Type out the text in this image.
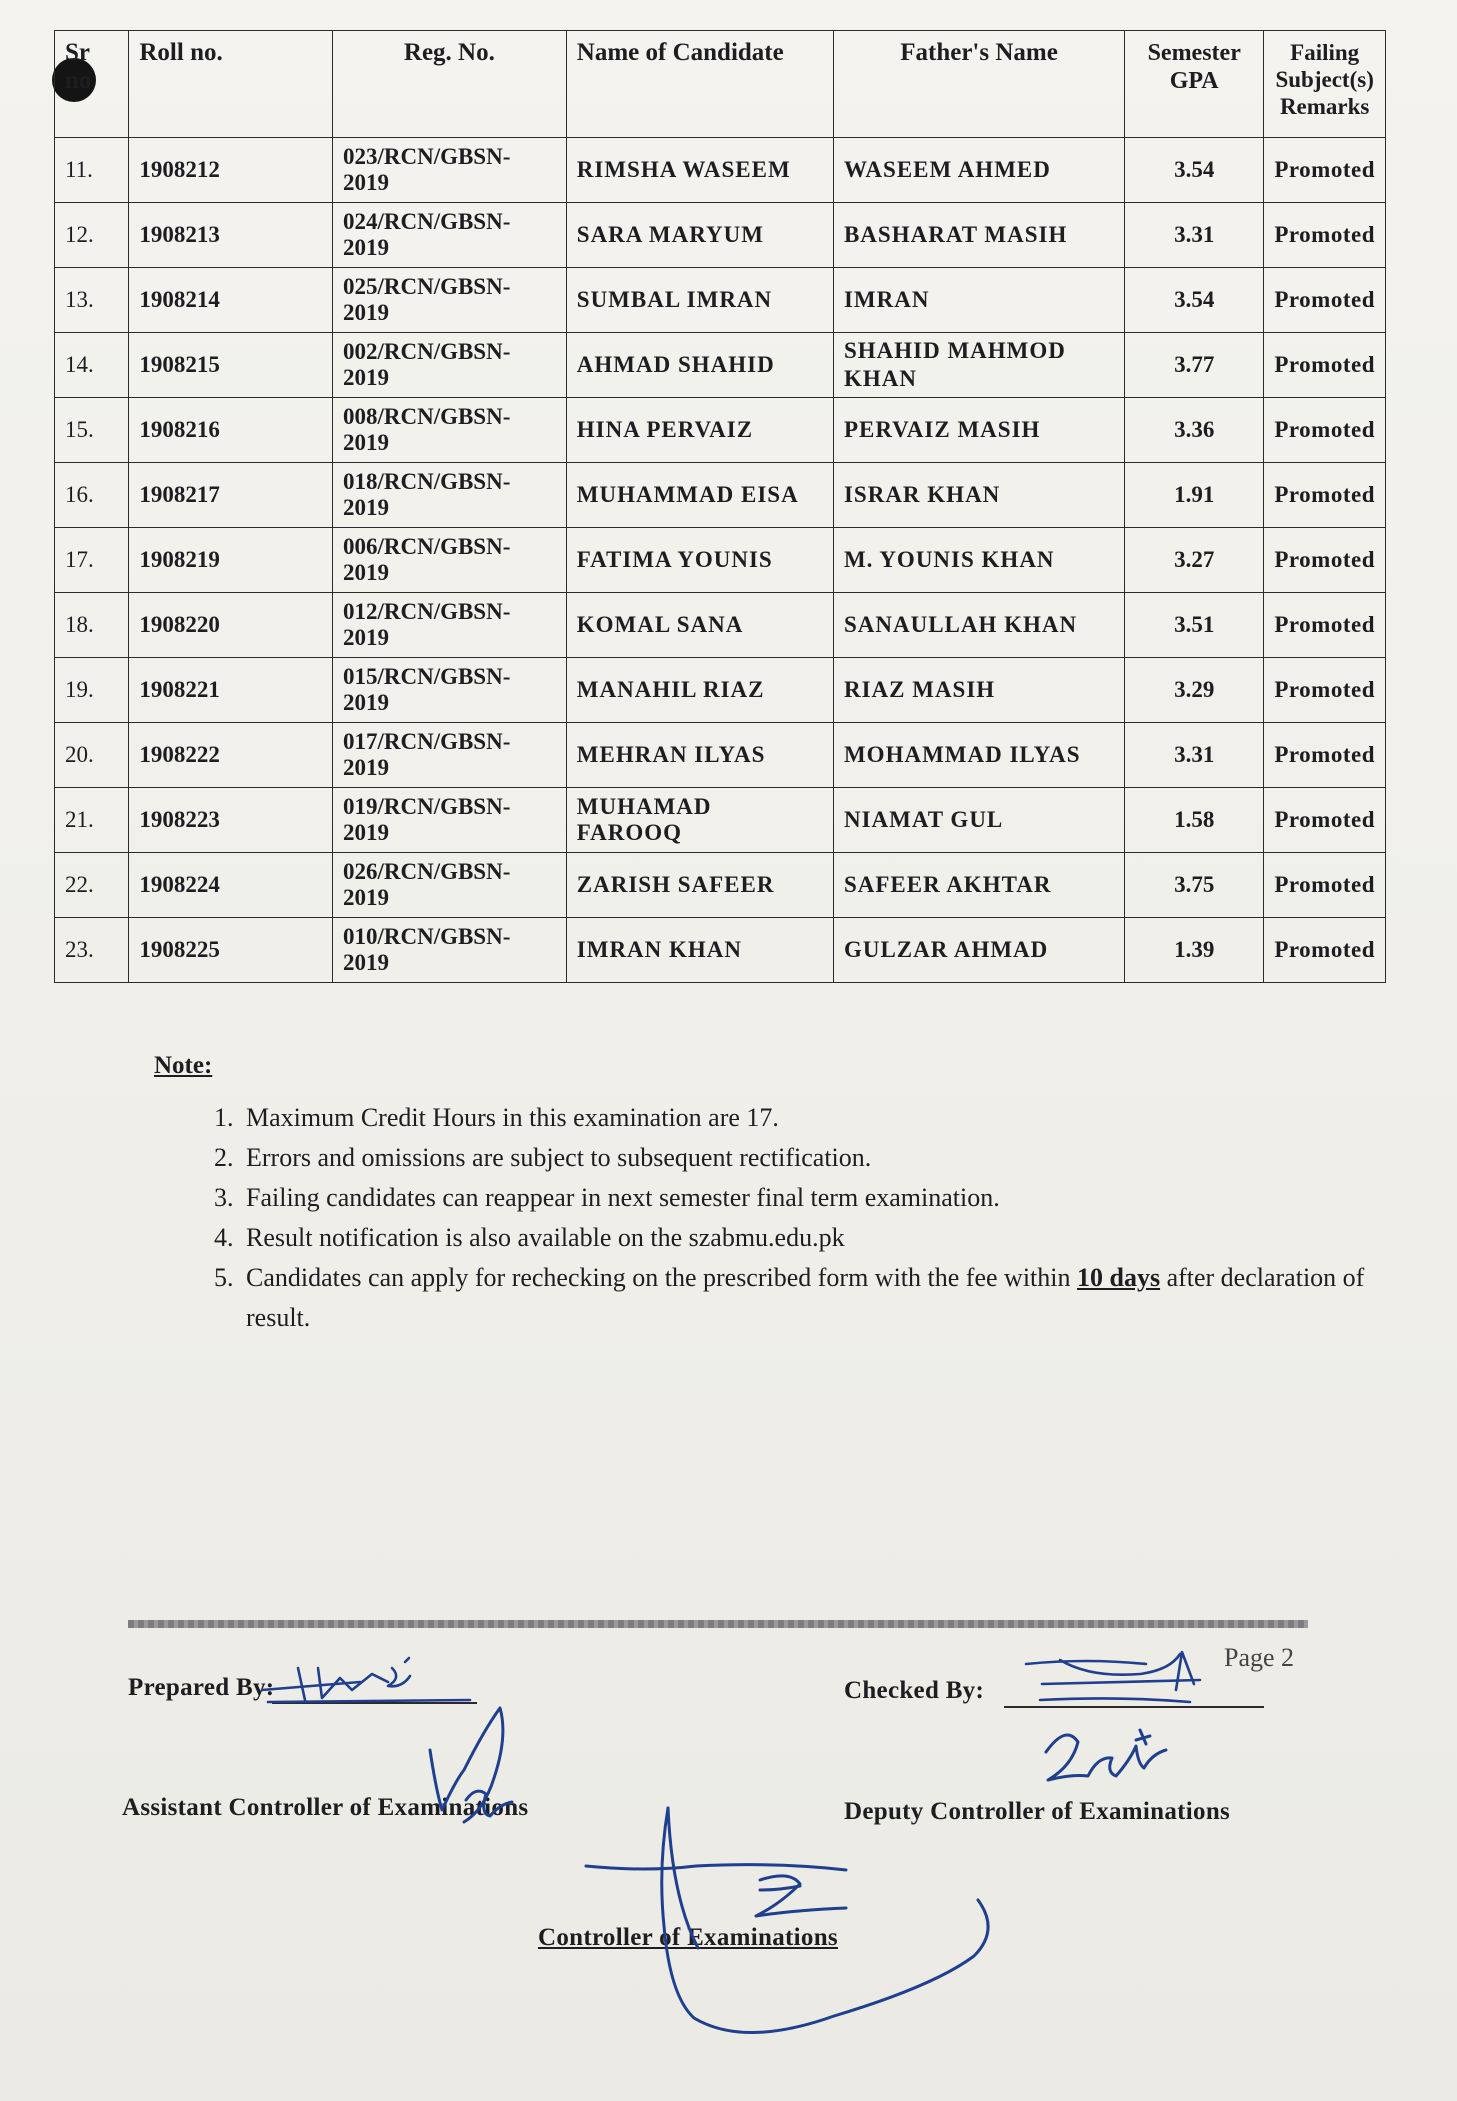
Sr no	Roll no.	Reg. No.	Name of Candidate	Father's Name	Semester GPA	Failing Subject(s) Remarks
11.	1908212	023/RCN/GBSN-2019	RIMSHA WASEEM	WASEEM AHMED	3.54	Promoted
12.	1908213	024/RCN/GBSN-2019	SARA MARYUM	BASHARAT MASIH	3.31	Promoted
13.	1908214	025/RCN/GBSN-2019	SUMBAL IMRAN	IMRAN	3.54	Promoted
14.	1908215	002/RCN/GBSN-2019	AHMAD SHAHID	SHAHID MAHMOD KHAN	3.77	Promoted
15.	1908216	008/RCN/GBSN-2019	HINA PERVAIZ	PERVAIZ MASIH	3.36	Promoted
16.	1908217	018/RCN/GBSN-2019	MUHAMMAD EISA	ISRAR KHAN	1.91	Promoted
17.	1908219	006/RCN/GBSN-2019	FATIMA YOUNIS	M. YOUNIS KHAN	3.27	Promoted
18.	1908220	012/RCN/GBSN-2019	KOMAL SANA	SANAULLAH KHAN	3.51	Promoted
19.	1908221	015/RCN/GBSN-2019	MANAHIL RIAZ	RIAZ MASIH	3.29	Promoted
20.	1908222	017/RCN/GBSN-2019	MEHRAN ILYAS	MOHAMMAD ILYAS	3.31	Promoted
21.	1908223	019/RCN/GBSN-2019	MUHAMAD FAROOQ	NIAMAT GUL	1.58	Promoted
22.	1908224	026/RCN/GBSN-2019	ZARISH SAFEER	SAFEER AKHTAR	3.75	Promoted
23.	1908225	010/RCN/GBSN-2019	IMRAN KHAN	GULZAR AHMAD	1.39	Promoted
Note:
1. Maximum Credit Hours in this examination are 17.
2. Errors and omissions are subject to subsequent rectification.
3. Failing candidates can reappear in next semester final term examination.
4. Result notification is also available on the szabmu.edu.pk
5. Candidates can apply for rechecking on the prescribed form with the fee within 10 days after declaration of result.
Prepared By:	Checked By:
Page 2
Assistant Controller of Examinations	Deputy Controller of Examinations
Controller of Examinations
